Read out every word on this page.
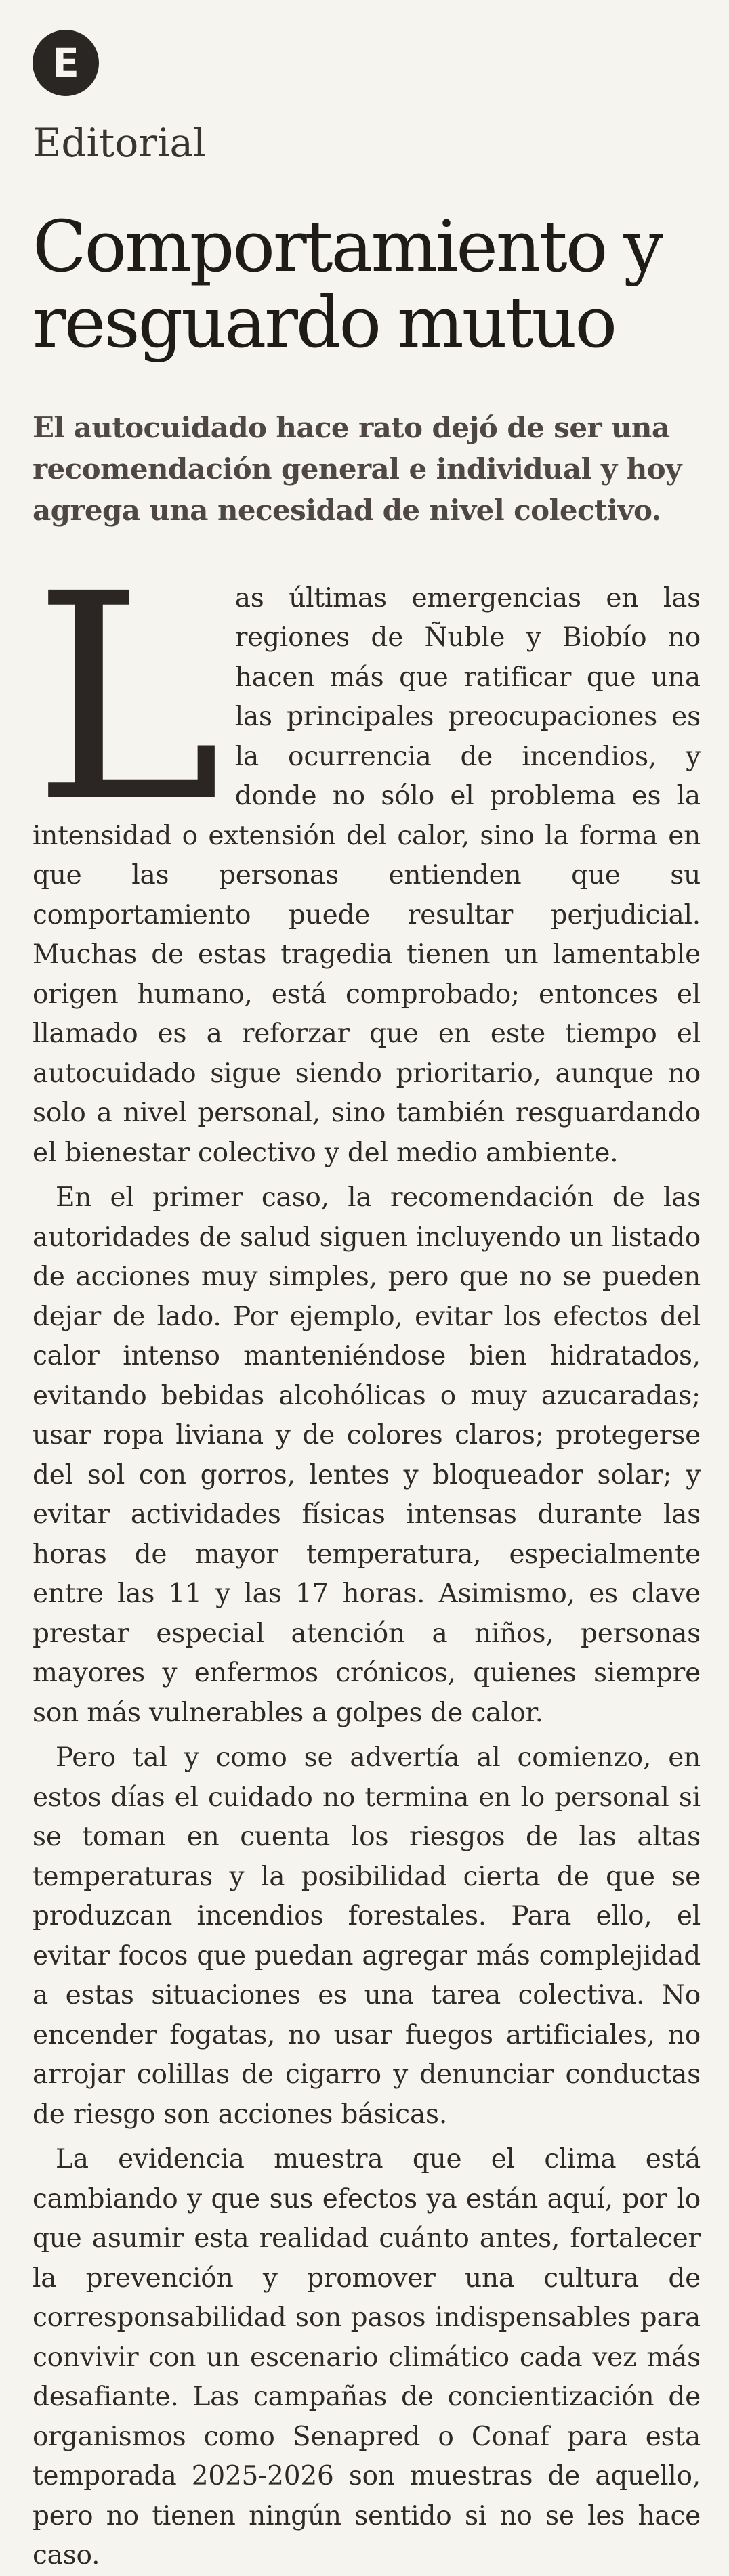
E
Editorial
Comportamiento y resguardo mutuo
El autocuidado hace rato dejó de ser una recomendación general e individual y hoy agrega una necesidad de nivel colectivo.
L as últimas emergencias en las regiones de Ñuble y Biobío no hacen más que ratificar que una las principales preocupaciones es la ocurrencia de incendios, y donde no sólo el problema es la intensidad o extensión del calor, sino la forma en que las personas entienden que su comportamiento puede resultar perjudicial. Muchas de estas tragedia tienen un lamentable origen humano, está comprobado; entonces el llamado es a reforzar que en este tiempo el autocuidado sigue siendo prioritario, aunque no solo a nivel personal, sino también resguardando el bienestar colectivo y del medio ambiente.

En el primer caso, la recomendación de las autoridades de salud siguen incluyendo un listado de acciones muy simples, pero que no se pueden dejar de lado. Por ejemplo, evitar los efectos del calor intenso manteniéndose bien hidratados, evitando bebidas alcohólicas o muy azucaradas; usar ropa liviana y de colores claros; protegerse del sol con gorros, lentes y bloqueador solar; y evitar actividades físicas intensas durante las horas de mayor temperatura, especialmente entre las 11 y las 17 horas. Asimismo, es clave prestar especial atención a niños, personas mayores y enfermos crónicos, quienes siempre son más vulnerables a golpes de calor.

Pero tal y como se advertía al comienzo, en estos días el cuidado no termina en lo personal si se toman en cuenta los riesgos de las altas temperaturas y la posibilidad cierta de que se produzcan incendios forestales. Para ello, el evitar focos que puedan agregar más complejidad a estas situaciones es una tarea colectiva. No encender fogatas, no usar fuegos artificiales, no arrojar colillas de cigarro y denunciar conductas de riesgo son acciones básicas.

La evidencia muestra que el clima está cambiando y que sus efectos ya están aquí, por lo que asumir esta realidad cuánto antes, fortalecer la prevención y promover una cultura de corresponsabilidad son pasos indispensables para convivir con un escenario climático cada vez más desafiante. Las campañas de concientización de organismos como Senapred o Conaf para esta temporada 2025-2026 son muestras de aquello, pero no tienen ningún sentido si no se les hace caso.
